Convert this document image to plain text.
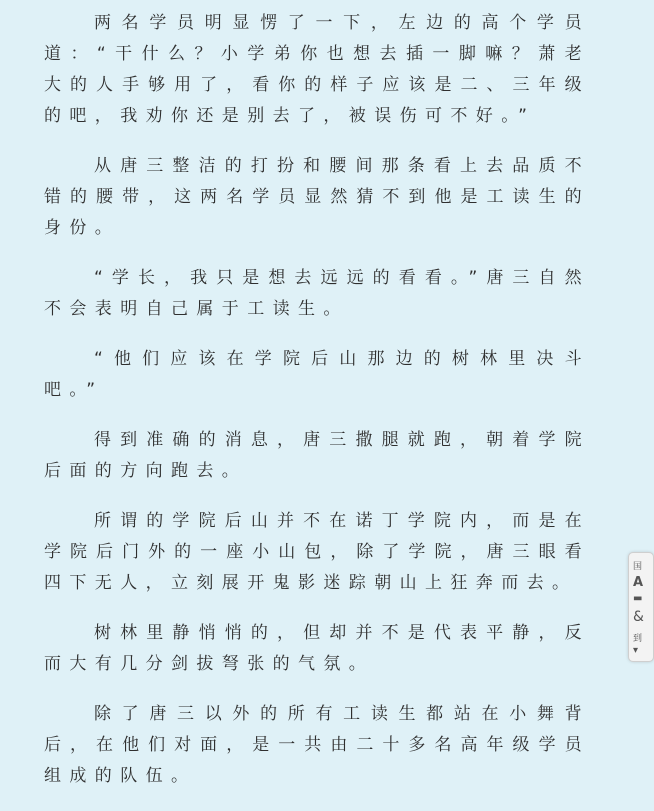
两名学员明显愣了一下，左边的高个学员道：“干什么？小学弟你也想去插一脚嘛？萧老大的人手够用了，看你的样子应该是二、三年级的吧，我劝你还是别去了，被误伤可不好。”

从唐三整洁的打扮和腰间那条看上去品质不错的腰带，这两名学员显然猜不到他是工读生的身份。

“学长，我只是想去远远的看看。”唐三自然不会表明自己属于工读生。

“他们应该在学院后山那边的树林里决斗吧。”

得到准确的消息，唐三撒腿就跑，朝着学院后面的方向跑去。

所谓的学院后山并不在诺丁学院内，而是在学院后门外的一座小山包，除了学院，唐三眼看四下无人，立刻展开鬼影迷踪朝山上狂奔而去。

树林里静悄悄的，但却并不是代表平静，反而大有几分剑拔弩张的气氛。

除了唐三以外的所有工读生都站在小舞背后，在他们对面，是一共由二十多名高年级学员组成的队伍。

国
A
▬
&
到
▾
